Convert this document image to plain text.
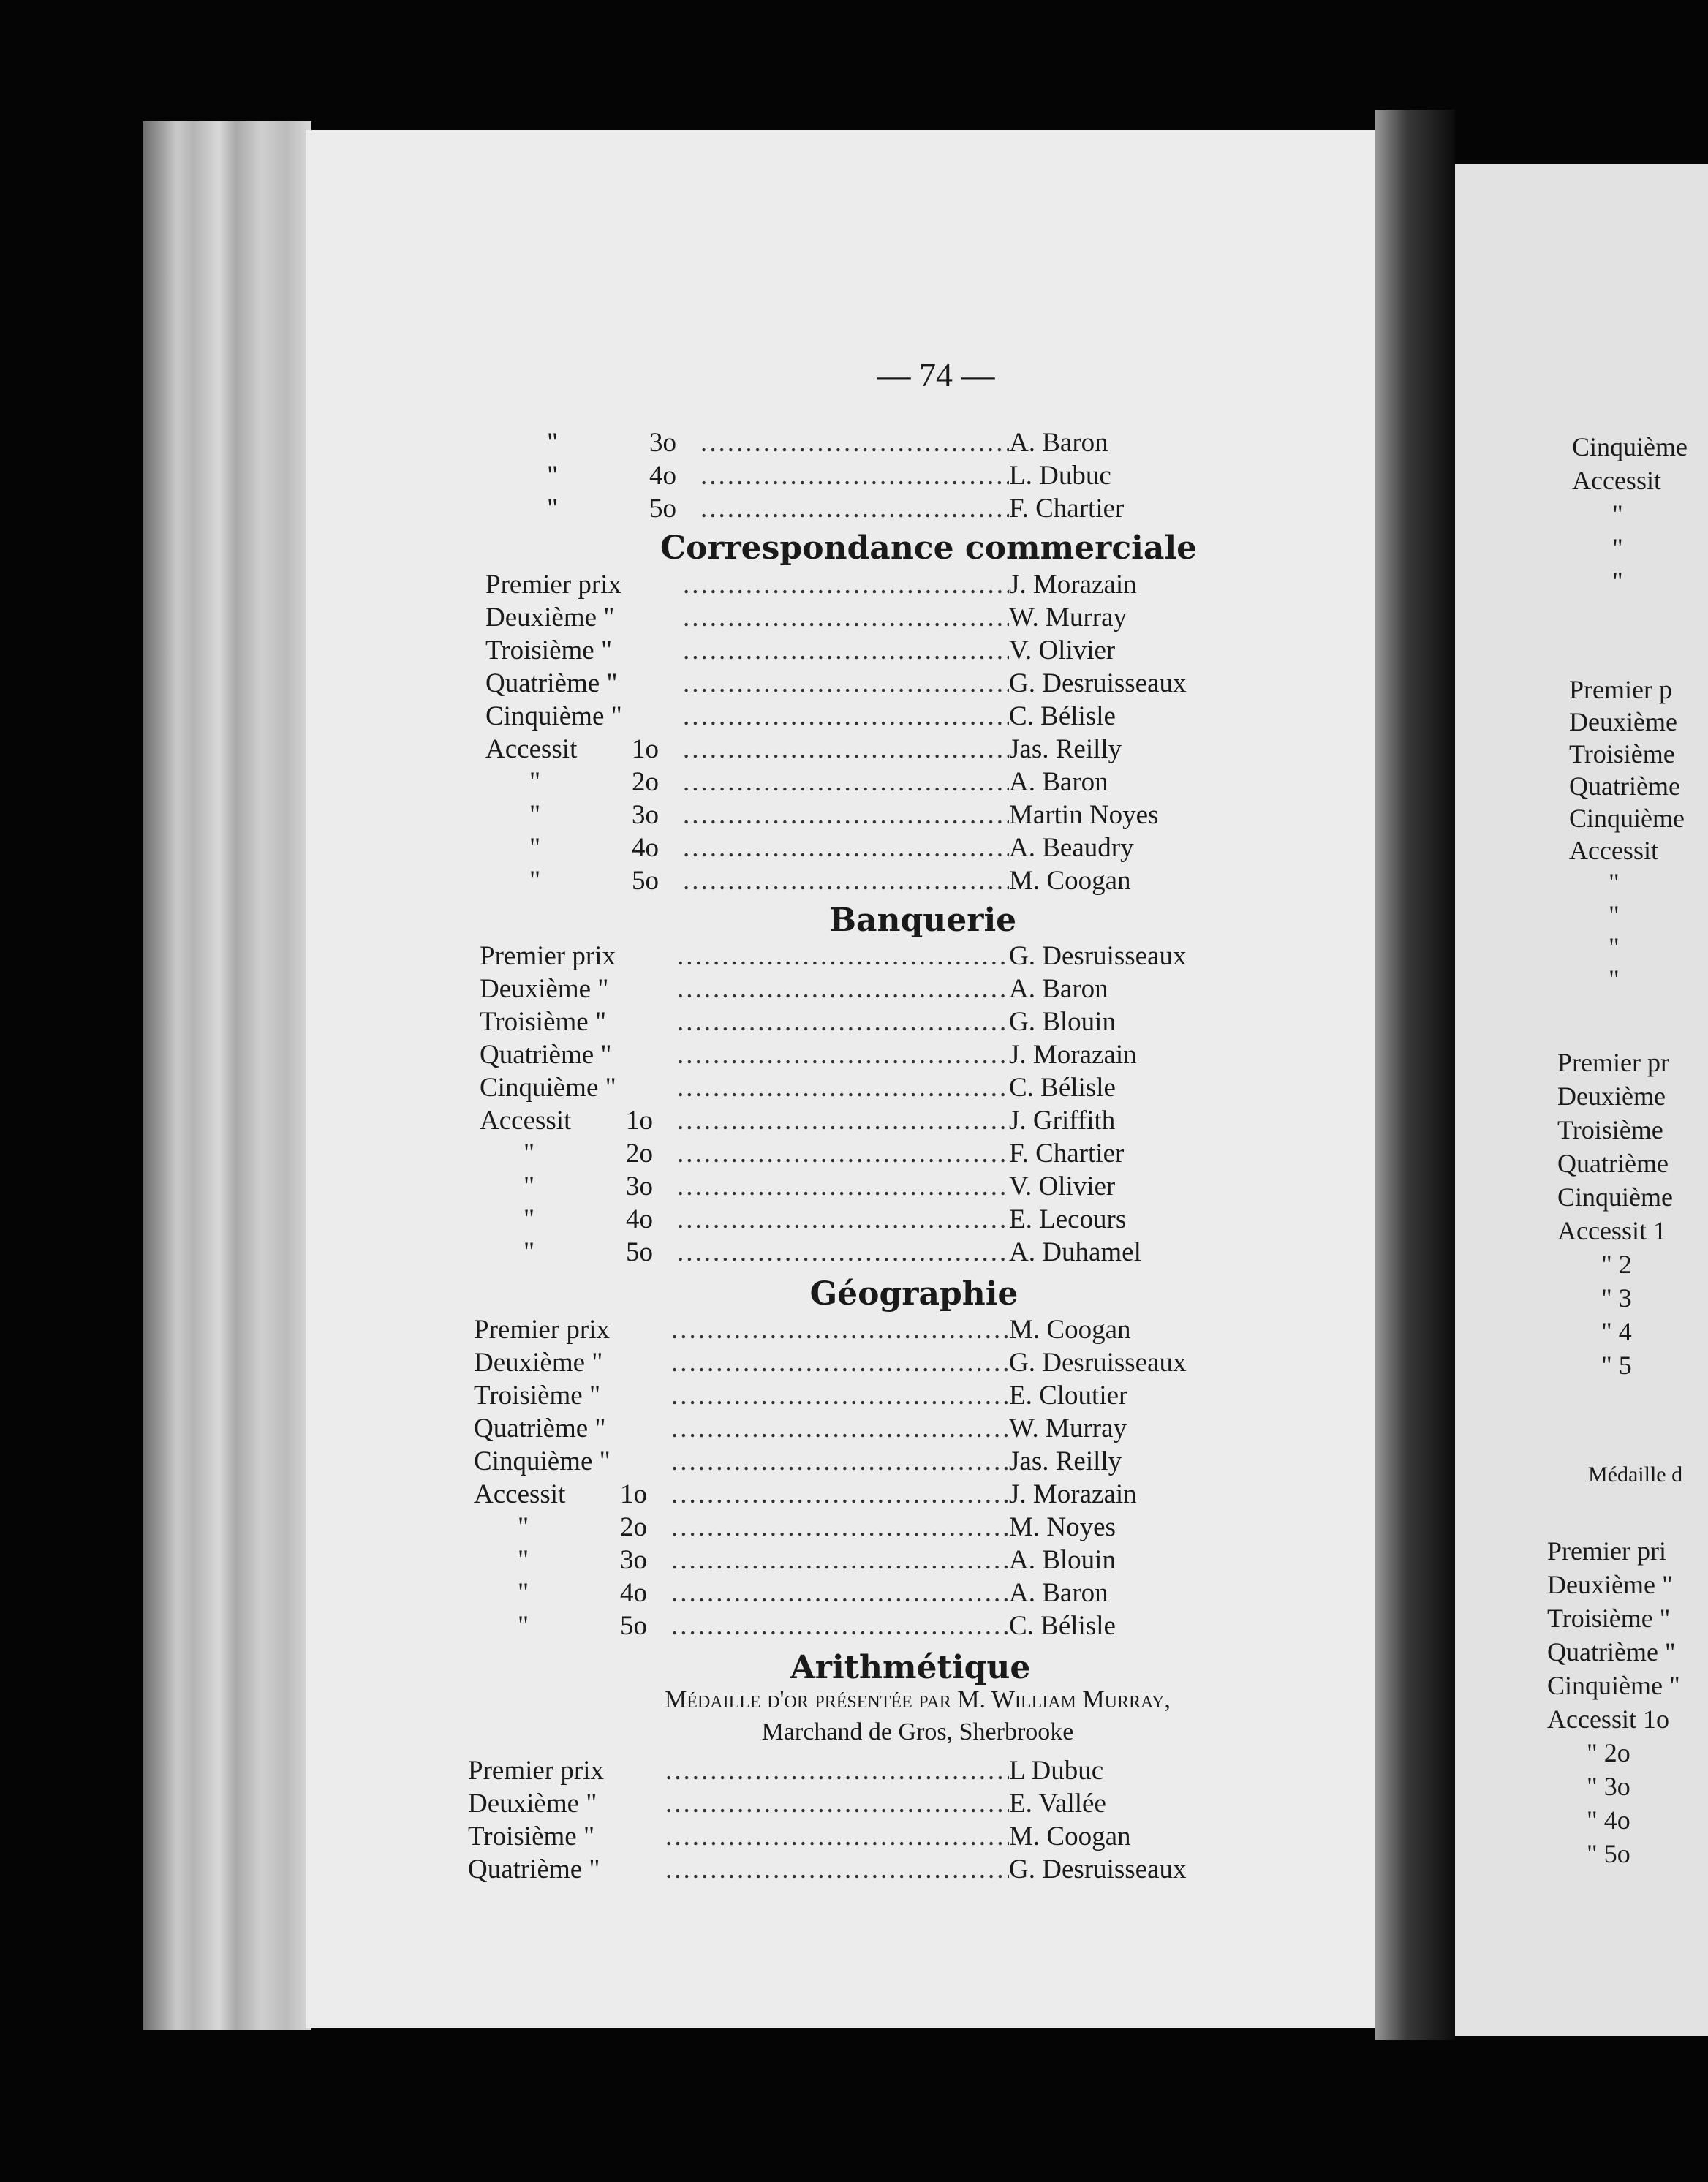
— 74 —
"	3o .....	A. Baron
"	4o .....	L. Dubuc
"	5o .....	F. Chartier
Correspondance commerciale
Premier prix .....	J. Morazain
Deuxième " .....	W. Murray
Troisième " .....	V. Olivier
Quatrième " .....	G. Desruisseaux
Cinquième " .....	C. Bélisle
Accessit	1o .....	Jas. Reilly
"	2o .....	A. Baron
"	3o .....	Martin Noyes
"	4o .....	A. Beaudry
"	5o .....	M. Coogan
Banquerie
Premier prix .....	G. Desruisseaux
Deuxième " .....	A. Baron
Troisième " .....	G. Blouin
Quatrième " .....	J. Morazain
Cinquième " .....	C. Bélisle
Accessit	1o .....	J. Griffith
"	2o .....	F. Chartier
"	3o .....	V. Olivier
"	4o .....	E. Lecours
"	5o .....	A. Duhamel
Géographie
Premier prix .....	M. Coogan
Deuxième " .....	G. Desruisseaux
Troisième " .....	E. Cloutier
Quatrième " .....	W. Murray
Cinquième " .....	Jas. Reilly
Accessit	1o .....	J. Morazain
"	2o .....	M. Noyes
"	3o .....	A. Blouin
"	4o .....	A. Baron
"	5o .....	C. Bélisle
Arithmétique
Médaille d'or présentée par M. William Murray,
Marchand de Gros, Sherbrooke
Premier prix .....	L Dubuc
Deuxième " .....	E. Vallée
Troisième " .....	M. Coogan
Quatrième " .....	G. Desruisseaux
Cinquième
Accessit
"
"
"
Premier p
Deuxième
Troisième
Quatrième
Cinquième
Accessit
"
"
"
"
Premier pr
Deuxième
Troisième
Quatrième
Cinquième
Accessit 1
" 2
" 3
" 4
" 5
Médaille d
Premier pri
Deuxième "
Troisième "
Quatrième "
Cinquième "
Accessit 1o
" 2o
" 3o
" 4o
" 5o
